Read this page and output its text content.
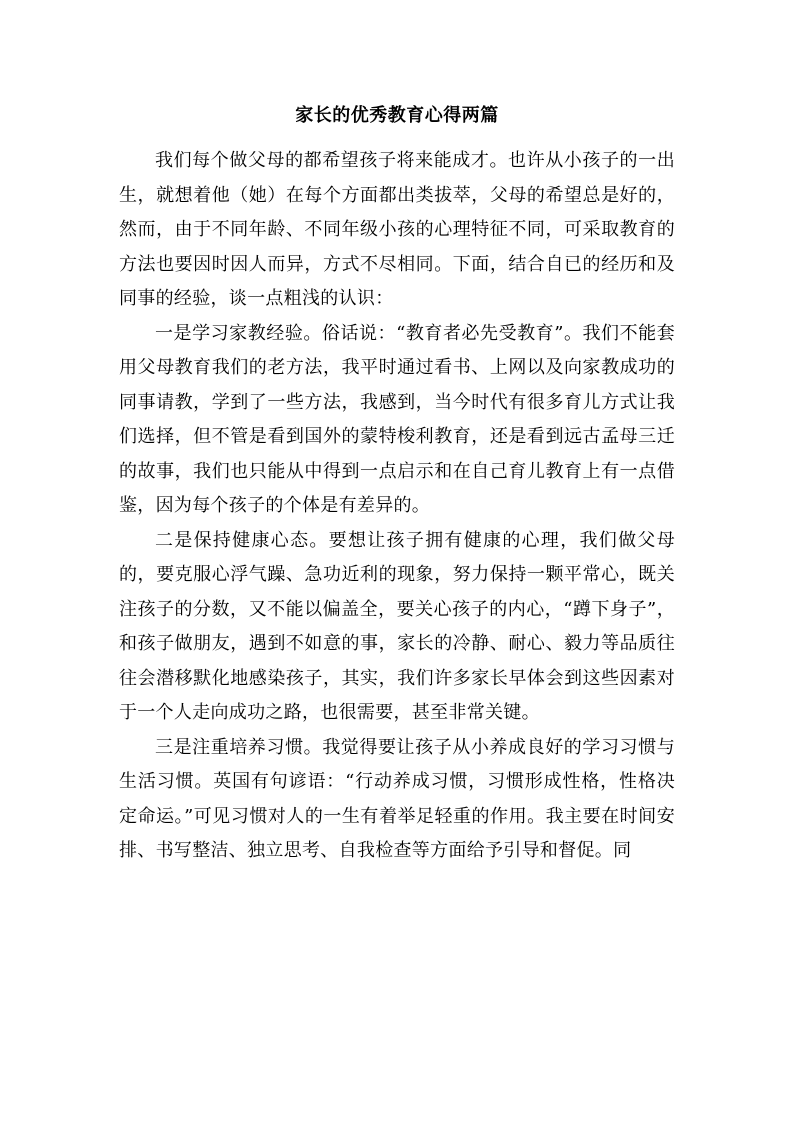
家长的优秀教育心得两篇

我们每个做父母的都希望孩子将来能成才。也许从小孩子的一出生，就想着他（她）在每个方面都出类拔萃，父母的希望总是好的，然而，由于不同年龄、不同年级小孩的心理特征不同，可采取教育的方法也要因时因人而异，方式不尽相同。下面，结合自已的经历和及同事的经验，谈一点粗浅的认识：

一是学习家教经验。俗话说：“教育者必先受教育”。我们不能套用父母教育我们的老方法，我平时通过看书、上网以及向家教成功的同事请教，学到了一些方法，我感到，当今时代有很多育儿方式让我们选择，但不管是看到国外的蒙特梭利教育，还是看到远古孟母三迁的故事，我们也只能从中得到一点启示和在自己育儿教育上有一点借鉴，因为每个孩子的个体是有差异的。

二是保持健康心态。要想让孩子拥有健康的心理，我们做父母的，要克服心浮气躁、急功近利的现象，努力保持一颗平常心，既关注孩子的分数，又不能以偏盖全，要关心孩子的内心，“蹲下身子”，和孩子做朋友，遇到不如意的事，家长的冷静、耐心、毅力等品质往往会潜移默化地感染孩子，其实，我们许多家长早体会到这些因素对于一个人走向成功之路，也很需要，甚至非常关键。

三是注重培养习惯。我觉得要让孩子从小养成良好的学习习惯与生活习惯。英国有句谚语：“行动养成习惯，习惯形成性格，性格决定命运。”可见习惯对人的一生有着举足轻重的作用。我主要在时间安排、书写整洁、独立思考、自我检查等方面给予引导和督促。同
